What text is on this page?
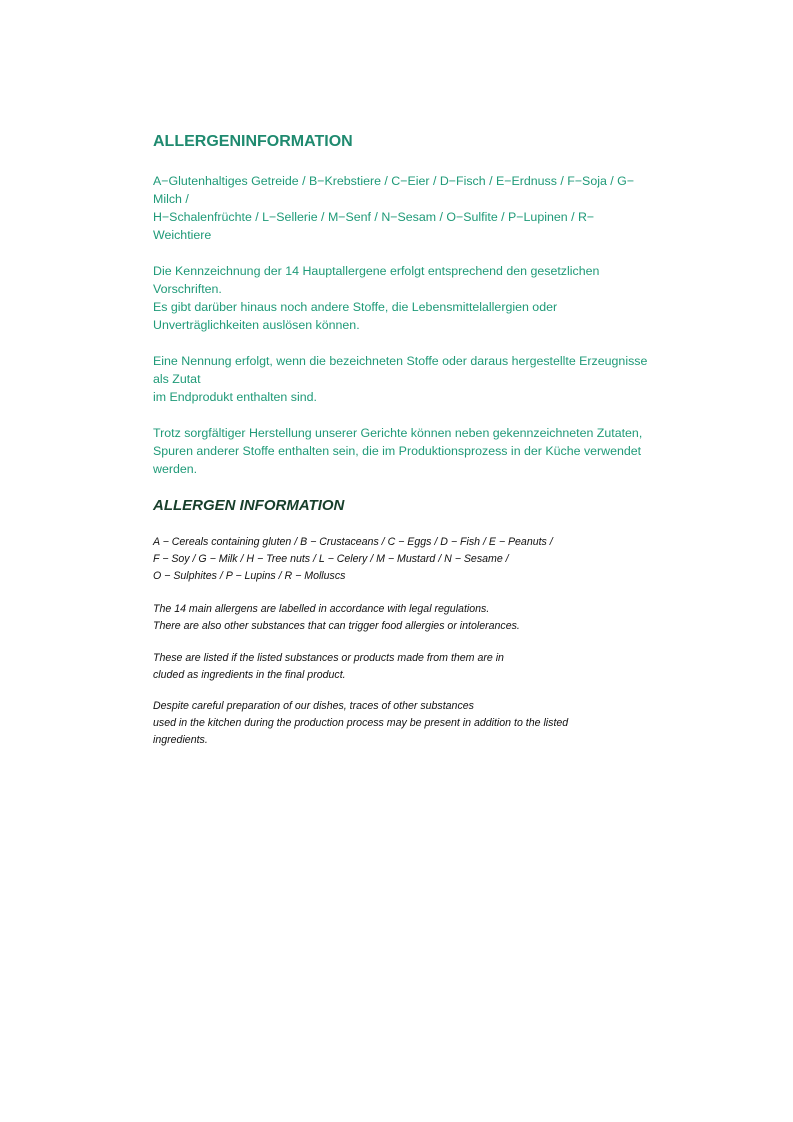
ALLERGENINFORMATION

A−Glutenhaltiges Getreide / B−Krebstiere / C−Eier / D−Fisch / E−Erdnuss / F−Soja / G−
Milch /
H−Schalenfrüchte / L−Sellerie / M−Senf / N−Sesam / O−Sulfite / P−Lupinen / R−
Weichtiere

Die Kennzeichnung der 14 Hauptallergene erfolgt entsprechend den gesetzlichen
Vorschriften.
Es gibt darüber hinaus noch andere Stoffe, die Lebensmittelallergien oder
Unverträglichkeiten auslösen können.

Eine Nennung erfolgt, wenn die bezeichneten Stoffe oder daraus hergestellte Erzeugnisse
als Zutat
im Endprodukt enthalten sind.

Trotz sorgfältiger Herstellung unserer Gerichte können neben gekennzeichneten Zutaten,
Spuren anderer Stoffe enthalten sein, die im Produktionsprozess in der Küche verwendet
werden.

ALLERGEN INFORMATION

A − Cereals containing gluten / B − Crustaceans / C − Eggs / D − Fish / E − Peanuts /
F − Soy / G − Milk / H − Tree nuts / L − Celery / M − Mustard / N − Sesame /
O − Sulphites / P − Lupins / R − Molluscs

The 14 main allergens are labelled in accordance with legal regulations.
There are also other substances that can trigger food allergies or intolerances.

These are listed if the listed substances or products made from them are in
cluded as ingredients in the final product.

Despite careful preparation of our dishes, traces of other substances
used in the kitchen during the production process may be present in addition to the listed
ingredients.
